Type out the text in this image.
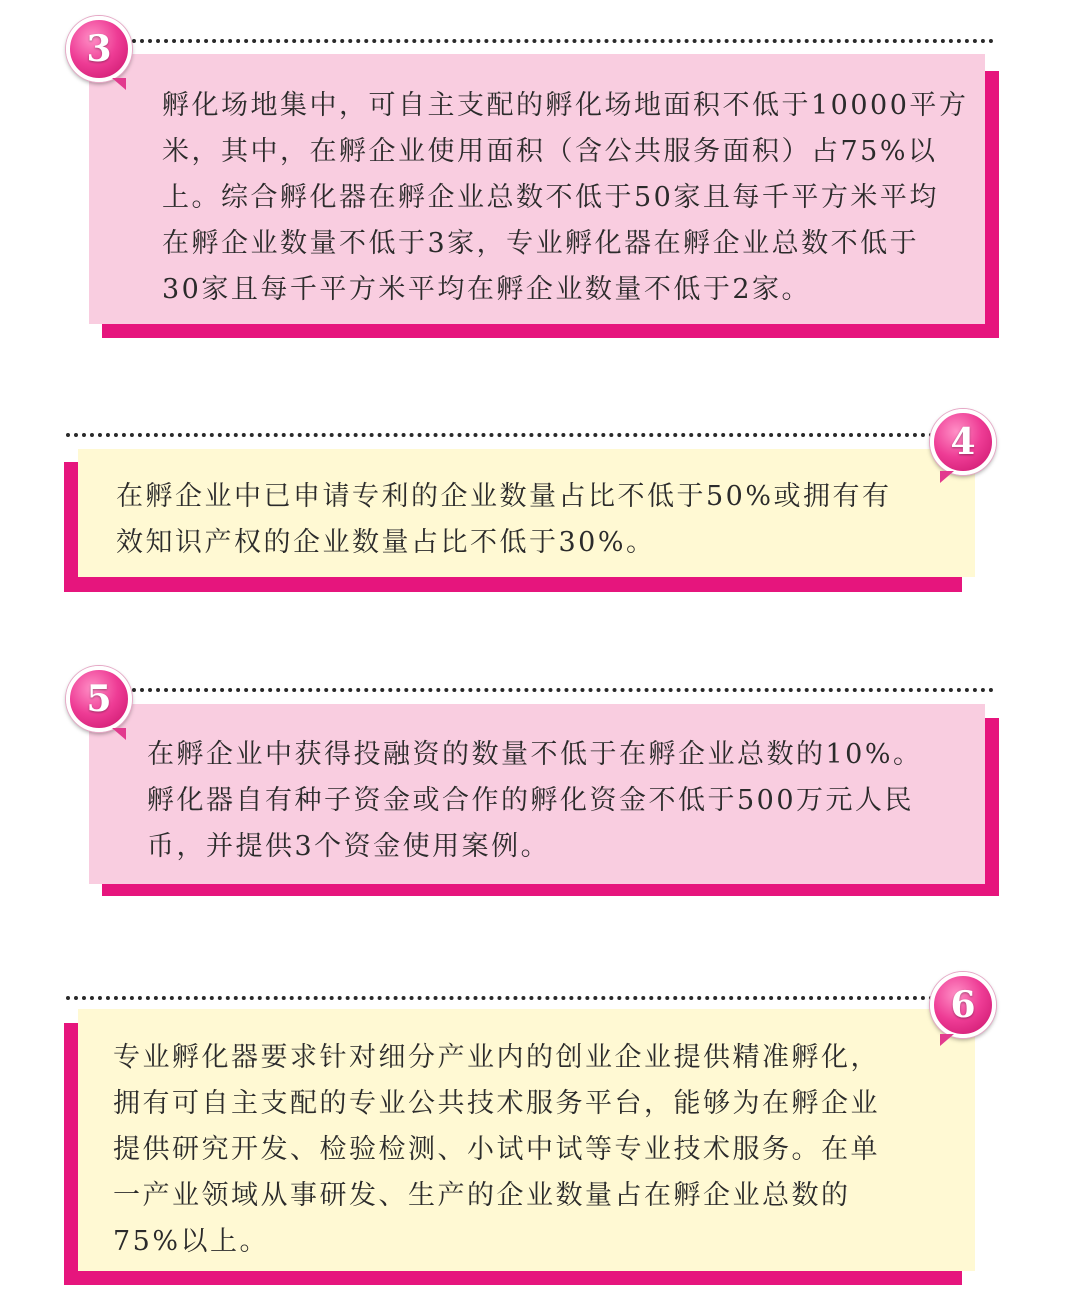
孵化场地集中，可自主支配的孵化场地面积不低于10000平方
米，其中，在孵企业使用面积（含公共服务面积）占75%以
上。综合孵化器在孵企业总数不低于50家且每千平方米平均
在孵企业数量不低于3家，专业孵化器在孵企业总数不低于
30家且每千平方米平均在孵企业数量不低于2家。
3
在孵企业中已申请专利的企业数量占比不低于50%或拥有有
效知识产权的企业数量占比不低于30%。
4
在孵企业中获得投融资的数量不低于在孵企业总数的10%。
孵化器自有种子资金或合作的孵化资金不低于500万元人民
币，并提供3个资金使用案例。
5
专业孵化器要求针对细分产业内的创业企业提供精准孵化，
拥有可自主支配的专业公共技术服务平台，能够为在孵企业
提供研究开发、检验检测、小试中试等专业技术服务。在单
一产业领域从事研发、生产的企业数量占在孵企业总数的
75%以上。
6
